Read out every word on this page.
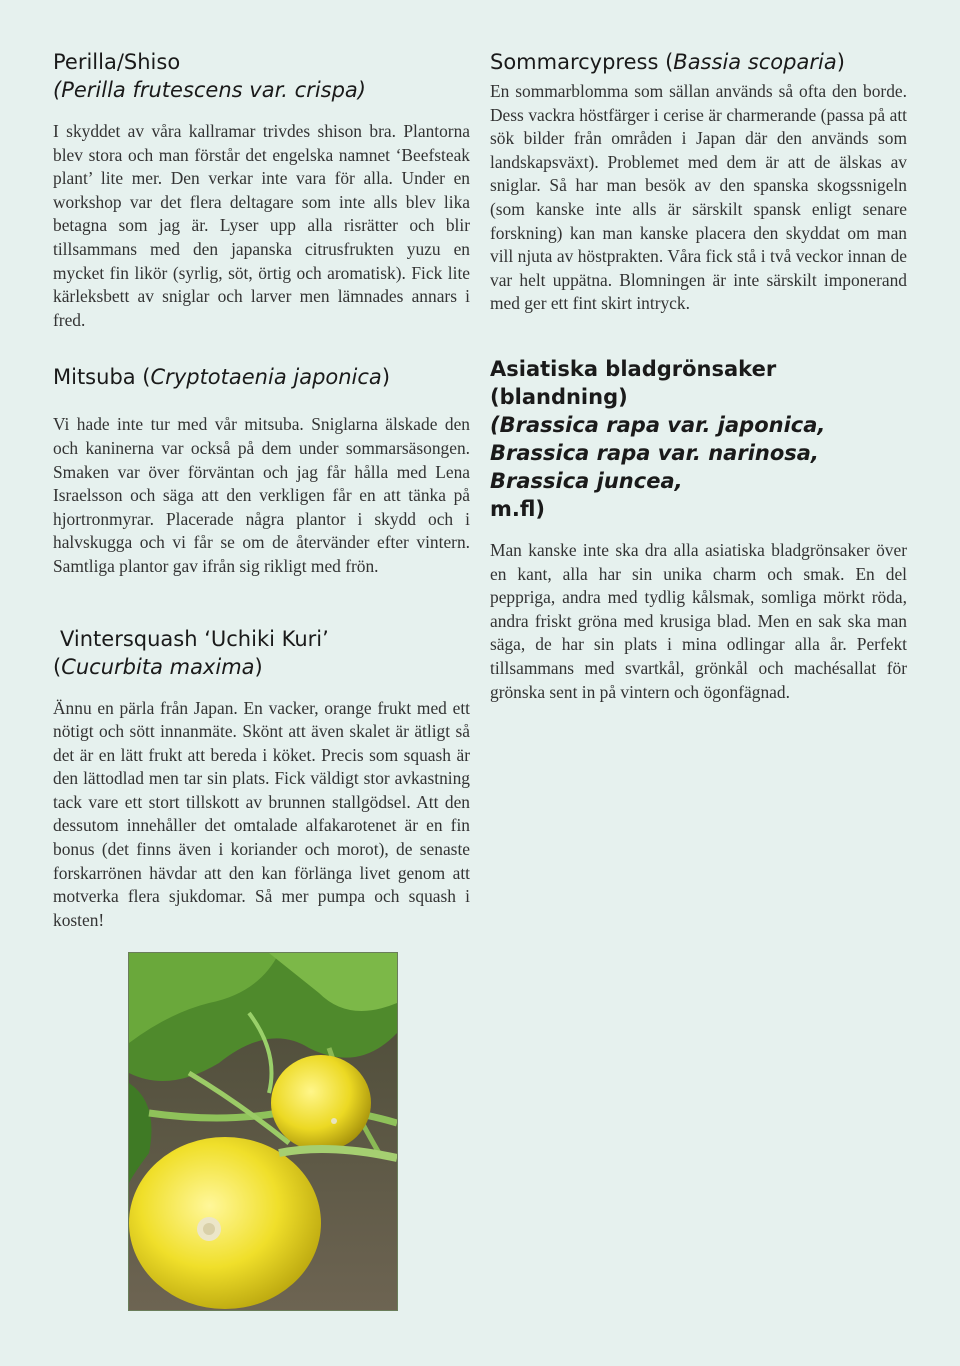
Perilla/Shiso
(Perilla frutescens var. crispa)

I skyddet av våra kallramar trivdes shison bra. Plantorna blev stora och man förstår det engelska namnet ‘Beefsteak plant’ lite mer. Den verkar inte vara för alla. Under en workshop var det flera deltagare som inte alls blev lika betagna som jag är. Lyser upp alla risrätter och blir tillsammans med den japanska citrusfrukten yuzu en mycket fin likör (syrlig, söt, örtig och aromatisk). Fick lite kärleksbett av sniglar och larver men lämnades annars i fred.

Mitsuba (Cryptotaenia japonica)

Vi hade inte tur med vår mitsuba. Sniglarna älskade den och kaninerna var också på dem under sommarsäsongen. Smaken var över förväntan och jag får hålla med Lena Israelsson och säga att den verkligen får en att tänka på hjortronmyrar. Placerade några plantor i skydd och i halvskugga och vi får se om de återvänder efter vintern. Samtliga plantor gav ifrån sig rikligt med frön.

Vintersquash ‘Uchiki Kuri’
(Cucurbita maxima)

Ännu en pärla från Japan. En vacker, orange frukt med ett nötigt och sött innanmäte. Skönt att även skalet är ätligt så det är en lätt frukt att bereda i köket. Precis som squash är den lättodlad men tar sin plats. Fick väldigt stor avkastning tack vare ett stort tillskott av brunnen stallgödsel. Att den dessutom innehåller det omtalade alfakarotenet är en fin bonus (det finns även i koriander och morot), de senaste forskarrönen hävdar att den kan förlänga livet genom att motverka flera sjukdomar. Så mer pumpa och squash i kosten!

Sommarcypress (Bassia scoparia)

En sommarblomma som sällan används så ofta den borde. Dess vackra höstfärger i cerise är charmerande (passa på att sök bilder från områden i Japan där den används som landskapsväxt). Problemet med dem är att de älskas av sniglar. Så har man besök av den spanska skogssnigeln (som kanske inte alls är särskilt spansk enligt senare forskning) kan man kanske placera den skyddat om man vill njuta av höstprakten. Våra fick stå i två veckor innan de var helt uppätna. Blomningen är inte särskilt imponerand med ger ett fint skirt intryck.

Asiatiska bladgrönsaker (blandning)
(Brassica rapa var. japonica, Brassica rapa var. narinosa, Brassica juncea,
m.fl)

Man kanske inte ska dra alla asiatiska bladgrönsaker över en kant, alla har sin unika charm och smak. En del peppriga, andra med tydlig kålsmak, somliga mörkt röda, andra friskt gröna med krusiga blad. Men en sak ska man säga, de har sin plats i mina odlingar alla år. Perfekt tillsammans med svartkål, grönkål och machésallat för grönska sent in på vintern och ögonfägnad.
